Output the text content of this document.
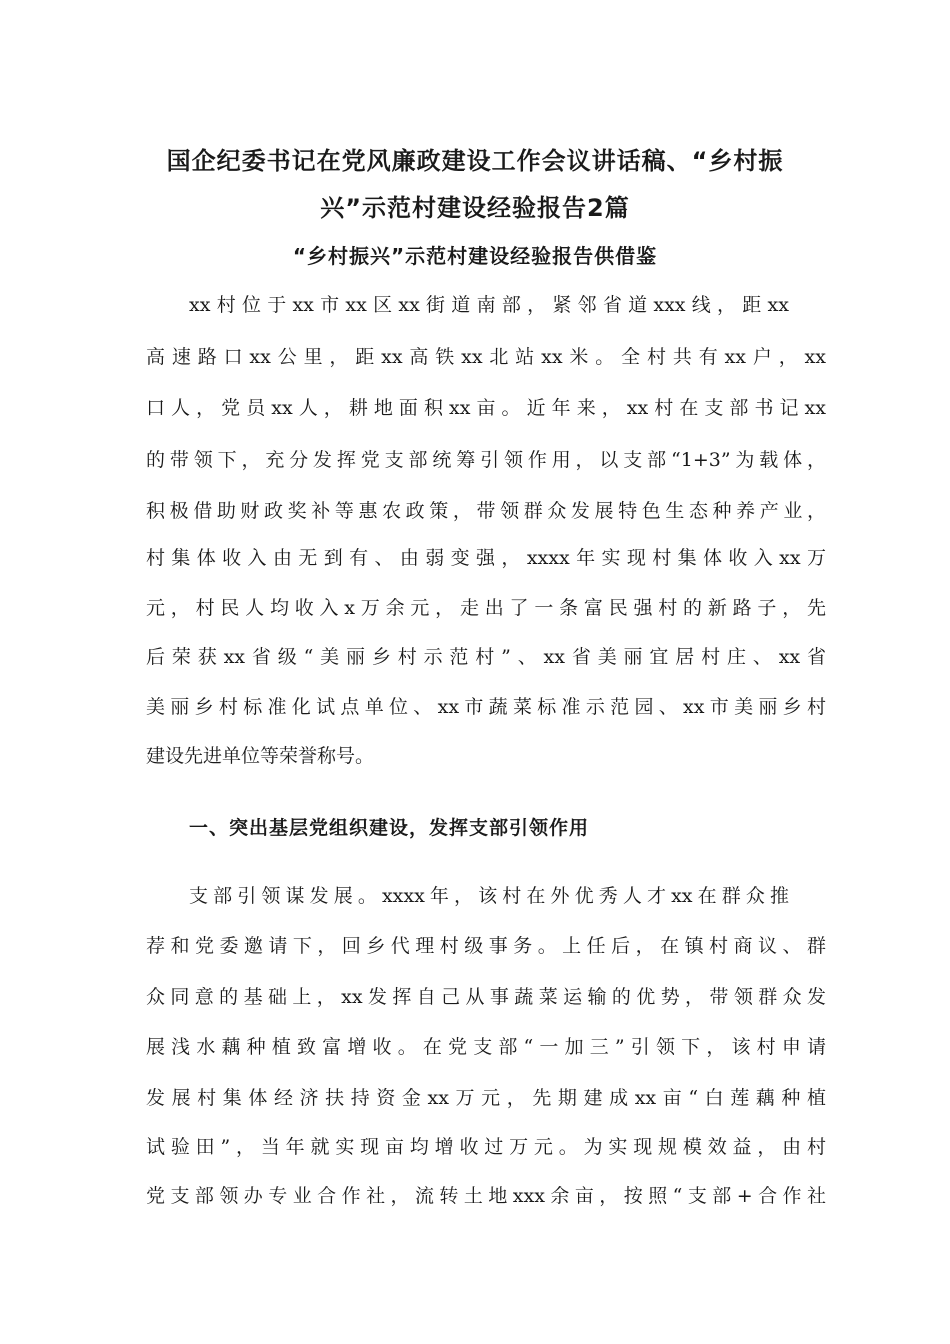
国企纪委书记在党风廉政建设工作会议讲话稿、“乡村振
兴”示范村建设经验报告2篇
“乡村振兴”示范村建设经验报告供借鉴
xx村位于xx市xx区xx街道南部，紧邻省道xxx线，距xx
高速路口xx公里，距xx高铁xx北站xx米。全村共有xx户，xx
口人，党员xx人，耕地面积xx亩。近年来，xx村在支部书记xx
的带领下，充分发挥党支部统筹引领作用，以支部“1+3”为载体，
积极借助财政奖补等惠农政策，带领群众发展特色生态种养产业，
村集体收入由无到有、由弱变强，xxxx年实现村集体收入xx万
元，村民人均收入x万余元，走出了一条富民强村的新路子，先
后荣获xx省级“美丽乡村示范村”、xx省美丽宜居村庄、xx省
美丽乡村标准化试点单位、xx市蔬菜标准示范园、xx市美丽乡村
建设先进单位等荣誉称号。
一、突出基层党组织建设，发挥支部引领作用
支部引领谋发展。xxxx年，该村在外优秀人才xx在群众推
荐和党委邀请下，回乡代理村级事务。上任后，在镇村商议、群
众同意的基础上，xx发挥自己从事蔬菜运输的优势，带领群众发
展浅水藕种植致富增收。在党支部“一加三”引领下，该村申请
发展村集体经济扶持资金xx万元，先期建成xx亩“白莲藕种植
试验田”，当年就实现亩均增收过万元。为实现规模效益，由村
党支部领办专业合作社，流转土地xxx余亩，按照“支部+合作社
